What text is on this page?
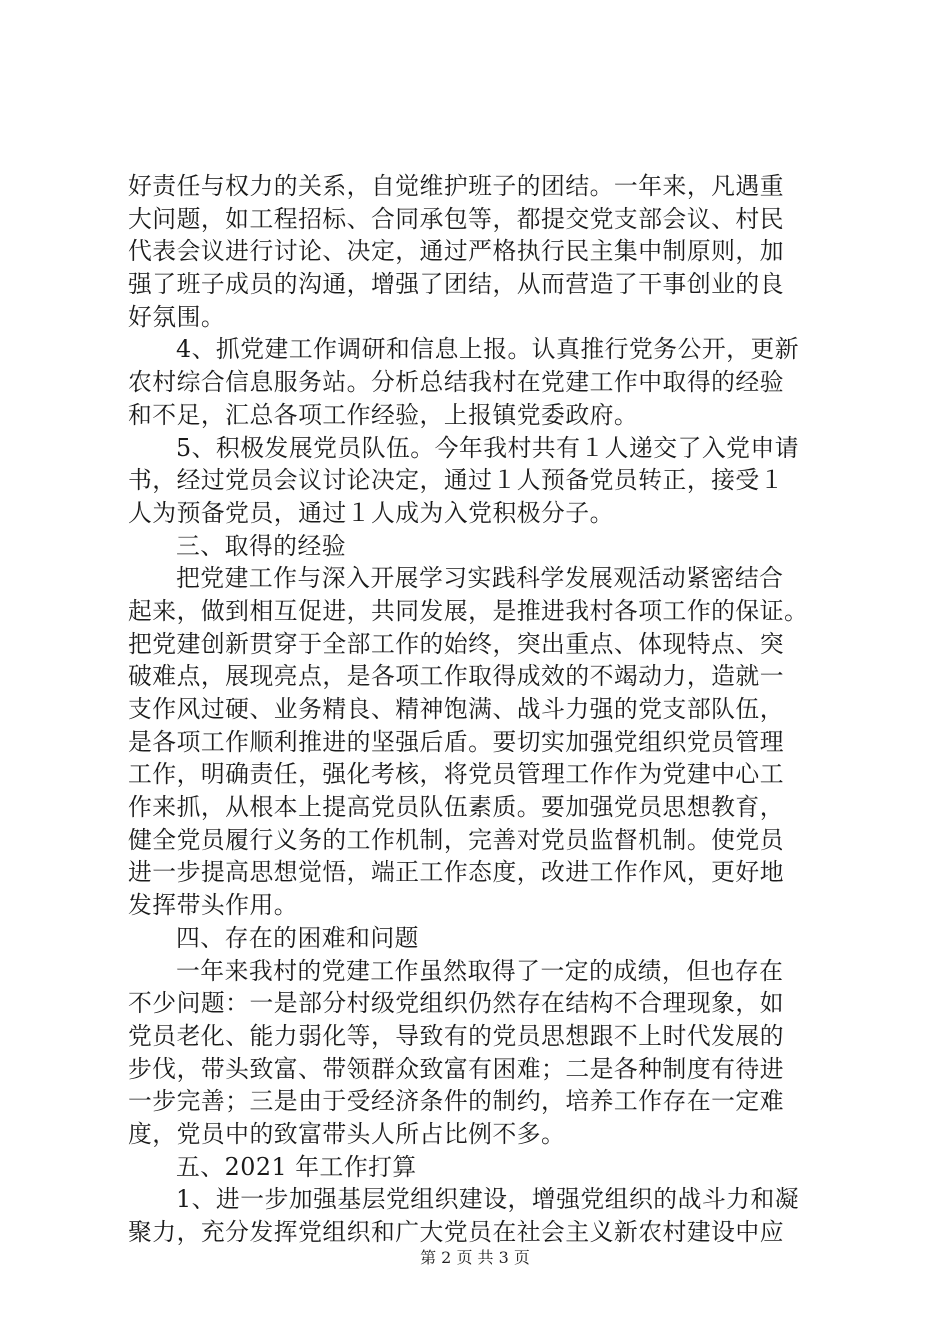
好责任与权力的关系，自觉维护班子的团结。一年来，凡遇重
大问题，如工程招标、合同承包等，都提交党支部会议、村民
代表会议进行讨论、决定，通过严格执行民主集中制原则，加
强了班子成员的沟通，增强了团结，从而营造了干事创业的良
好氛围。
4、抓党建工作调研和信息上报。认真推行党务公开，更新
农村综合信息服务站。分析总结我村在党建工作中取得的经验
和不足，汇总各项工作经验，上报镇党委政府。
5、积极发展党员队伍。今年我村共有１人递交了入党申请
书，经过党员会议讨论决定，通过１人预备党员转正，接受１
人为预备党员，通过１人成为入党积极分子。
三、取得的经验
把党建工作与深入开展学习实践科学发展观活动紧密结合
起来，做到相互促进，共同发展，是推进我村各项工作的保证。
把党建创新贯穿于全部工作的始终，突出重点、体现特点、突
破难点，展现亮点，是各项工作取得成效的不竭动力，造就一
支作风过硬、业务精良、精神饱满、战斗力强的党支部队伍，
是各项工作顺利推进的坚强后盾。要切实加强党组织党员管理
工作，明确责任，强化考核，将党员管理工作作为党建中心工
作来抓，从根本上提高党员队伍素质。要加强党员思想教育，
健全党员履行义务的工作机制，完善对党员监督机制。使党员
进一步提高思想觉悟，端正工作态度，改进工作作风，更好地
发挥带头作用。
四、存在的困难和问题
一年来我村的党建工作虽然取得了一定的成绩，但也存在
不少问题：一是部分村级党组织仍然存在结构不合理现象，如
党员老化、能力弱化等，导致有的党员思想跟不上时代发展的
步伐，带头致富、带领群众致富有困难；二是各种制度有待进
一步完善；三是由于受经济条件的制约，培养工作存在一定难
度，党员中的致富带头人所占比例不多。
五、2021 年工作打算
1、进一步加强基层党组织建设，增强党组织的战斗力和凝
聚力，充分发挥党组织和广大党员在社会主义新农村建设中应
第 2 页 共 3 页
